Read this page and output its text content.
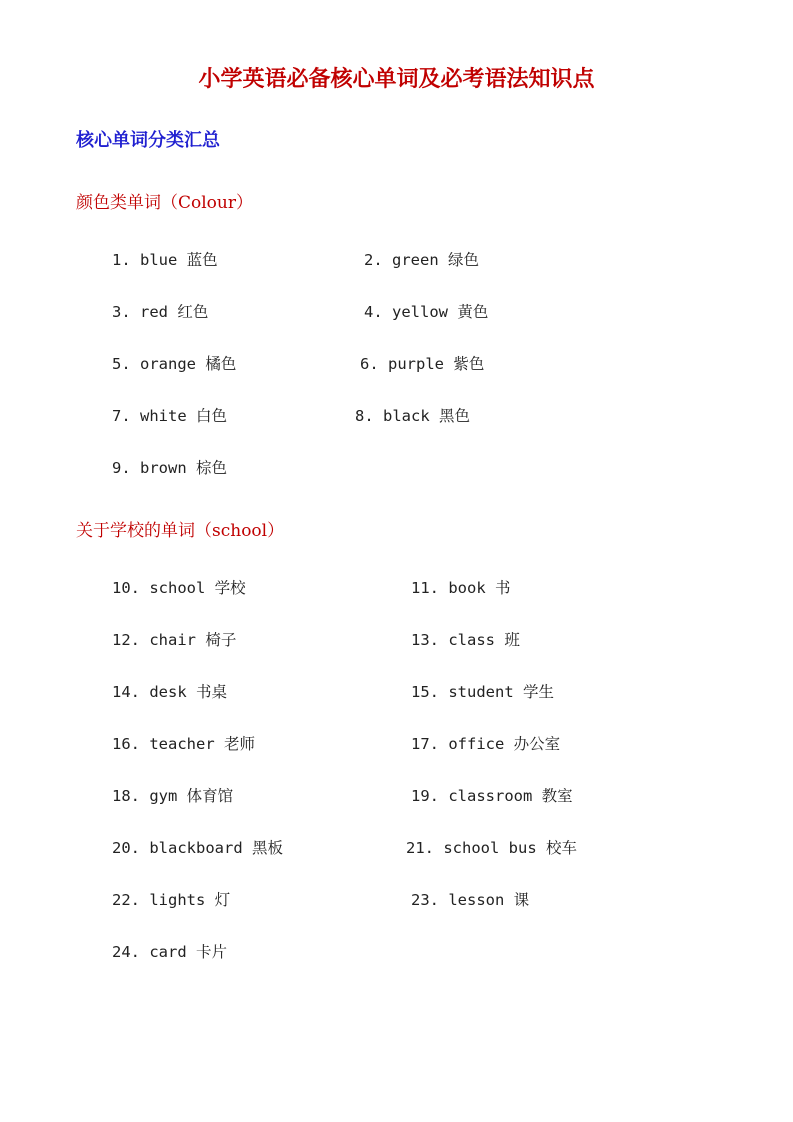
小学英语必备核心单词及必考语法知识点
核心单词分类汇总
颜色类单词（Colour）
1. blue 蓝色	2. green 绿色
3. red 红色	4. yellow 黄色
5. orange 橘色	6. purple 紫色
7. white 白色	8. black 黑色
9. brown 棕色
关于学校的单词（school）
10. school 学校	11. book 书
12. chair 椅子	13. class 班
14. desk 书桌	15. student 学生
16. teacher 老师	17. office 办公室
18. gym 体育馆	19. classroom 教室
20. blackboard 黑板	21. school bus 校车
22. lights 灯	23. lesson 课
24. card 卡片
